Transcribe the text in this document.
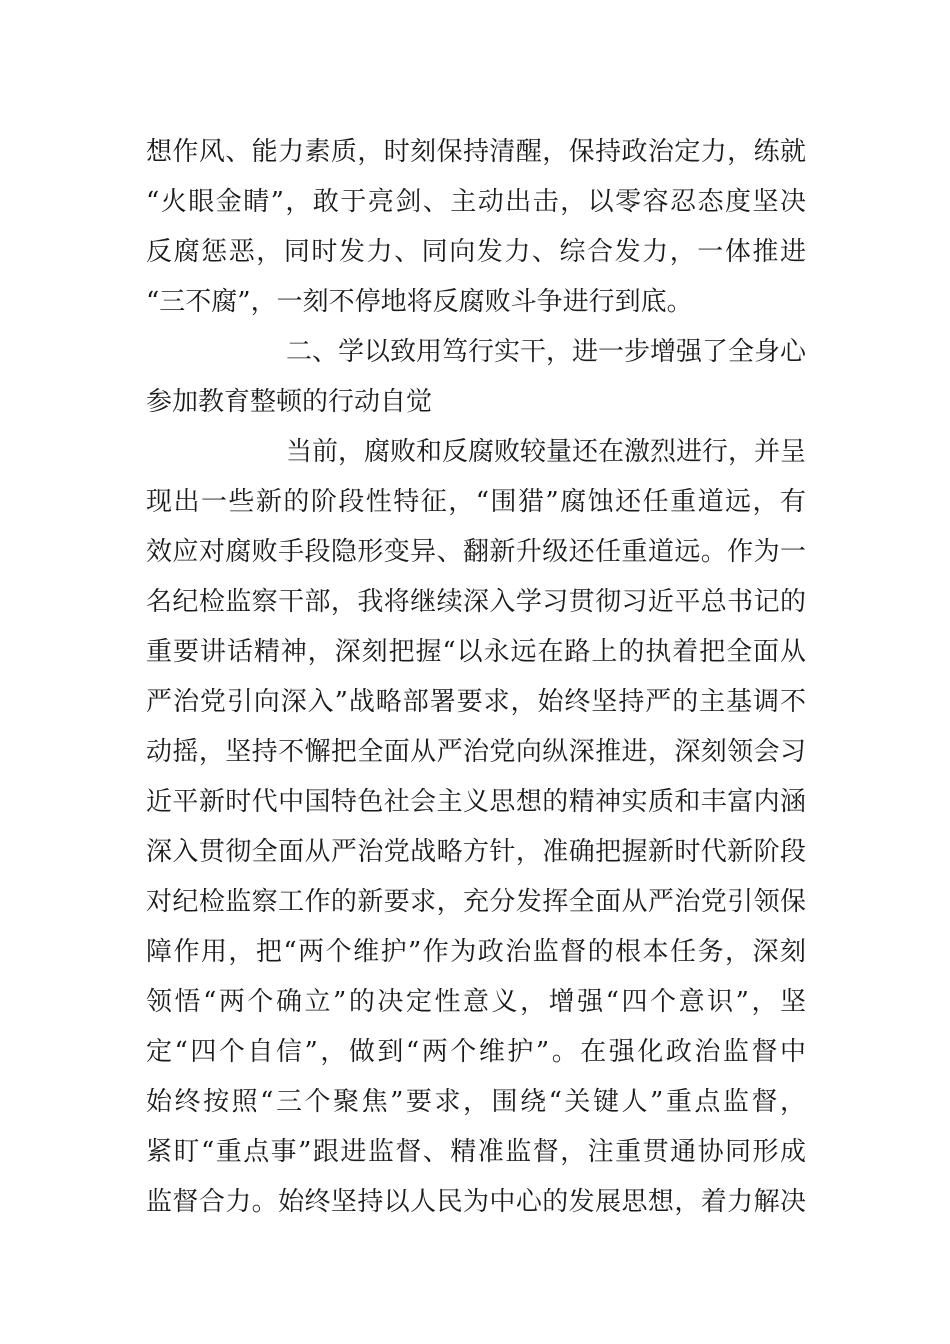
想作风、能力素质，时刻保持清醒，保持政治定力，练就
“火眼金睛”，敢于亮剑、主动出击，以零容忍态度坚决
反腐惩恶，同时发力、同向发力、综合发力，一体推进
“三不腐”，一刻不停地将反腐败斗争进行到底。
二、学以致用笃行实干，进一步增强了全身心
参加教育整顿的行动自觉
当前，腐败和反腐败较量还在激烈进行，并呈
现出一些新的阶段性特征，“围猎”腐蚀还任重道远，有
效应对腐败手段隐形变异、翻新升级还任重道远。作为一
名纪检监察干部，我将继续深入学习贯彻习近平总书记的
重要讲话精神，深刻把握“以永远在路上的执着把全面从
严治党引向深入”战略部署要求，始终坚持严的主基调不
动摇，坚持不懈把全面从严治党向纵深推进，深刻领会习
近平新时代中国特色社会主义思想的精神实质和丰富内涵
深入贯彻全面从严治党战略方针，准确把握新时代新阶段
对纪检监察工作的新要求，充分发挥全面从严治党引领保
障作用，把“两个维护”作为政治监督的根本任务，深刻
领悟“两个确立”的决定性意义，增强“四个意识”，坚
定“四个自信”，做到“两个维护”。在强化政治监督中
始终按照“三个聚焦”要求，围绕“关键人”重点监督，
紧盯“重点事”跟进监督、精准监督，注重贯通协同形成
监督合力。始终坚持以人民为中心的发展思想，着力解决
